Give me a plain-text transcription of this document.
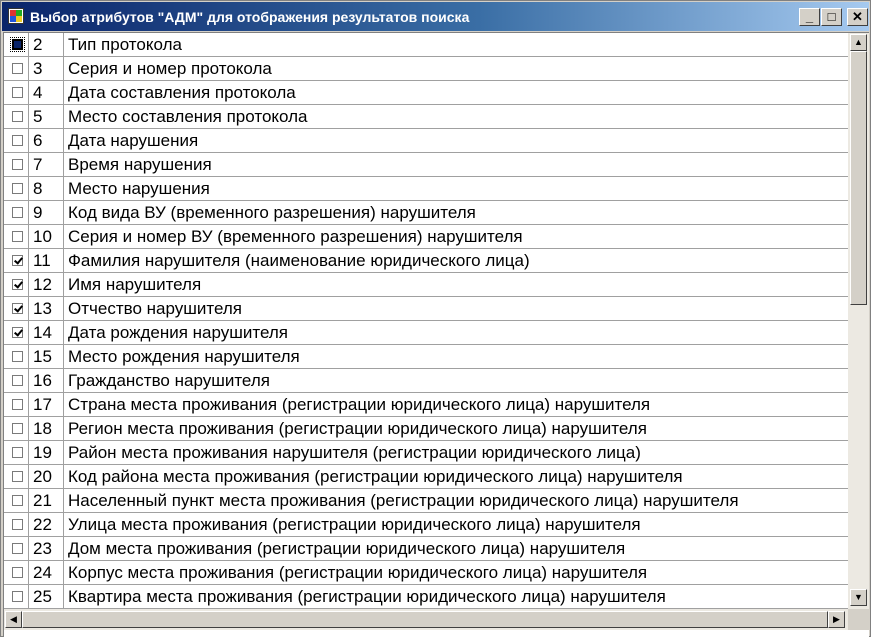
Выбор атрибутов "АДМ" для отображения результатов поиска	_	□	✕
2	Тип протокола
3	Серия и номер протокола
4	Дата составления протокола
5	Место составления протокола
6	Дата нарушения
7	Время нарушения
8	Место нарушения
9	Код вида ВУ (временного разрешения) нарушителя
10 Серия и номер ВУ (временного разрешения) нарушителя
11	Фамилия нарушителя (наименование юридического лица)
12 Имя нарушителя
13 Отчество нарушителя
14 Дата рождения нарушителя
15 Место рождения нарушителя
16 Гражданство нарушителя
17 Страна места проживания (регистрации юридического лица) нарушителя
18 Регион места проживания (регистрации юридического лица) нарушителя
19 Район места проживания нарушителя (регистрации юридического лица)
20 Код района места проживания (регистрации юридического лица) нарушителя
21 Населенный пункт места проживания (регистрации юридического лица) нарушителя
22 Улица места проживания (регистрации юридического лица) нарушителя
23 Дом места проживания (регистрации юридического лица) нарушителя
24 Корпус места проживания (регистрации юридического лица) нарушителя
25 Квартира места проживания (регистрации юридического лица) нарушителя
▲
▼
◀	▶
